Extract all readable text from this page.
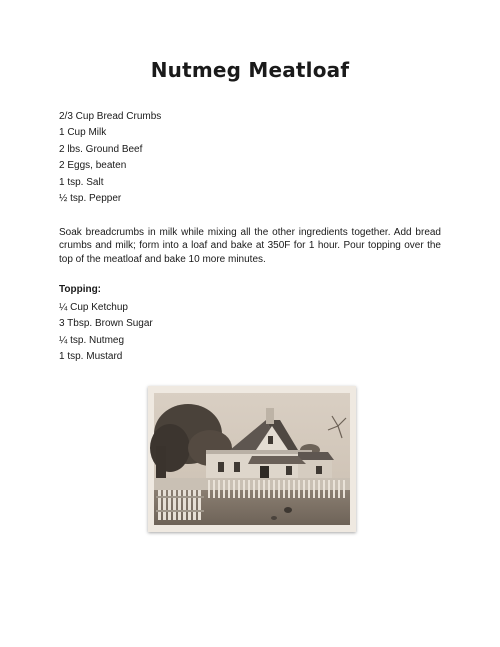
Nutmeg Meatloaf
2/3 Cup Bread Crumbs
1 Cup Milk
2 lbs. Ground Beef
2 Eggs, beaten
1 tsp. Salt
½ tsp. Pepper

Soak breadcrumbs in milk while mixing all the other ingredients together. Add bread crumbs and milk; form into a loaf and bake at 350F for 1 hour. Pour topping over the top of the meatloaf and bake 10 more minutes.

Topping:

¼ Cup Ketchup
3 Tbsp. Brown Sugar
¼ tsp. Nutmeg
1 tsp. Mustard
